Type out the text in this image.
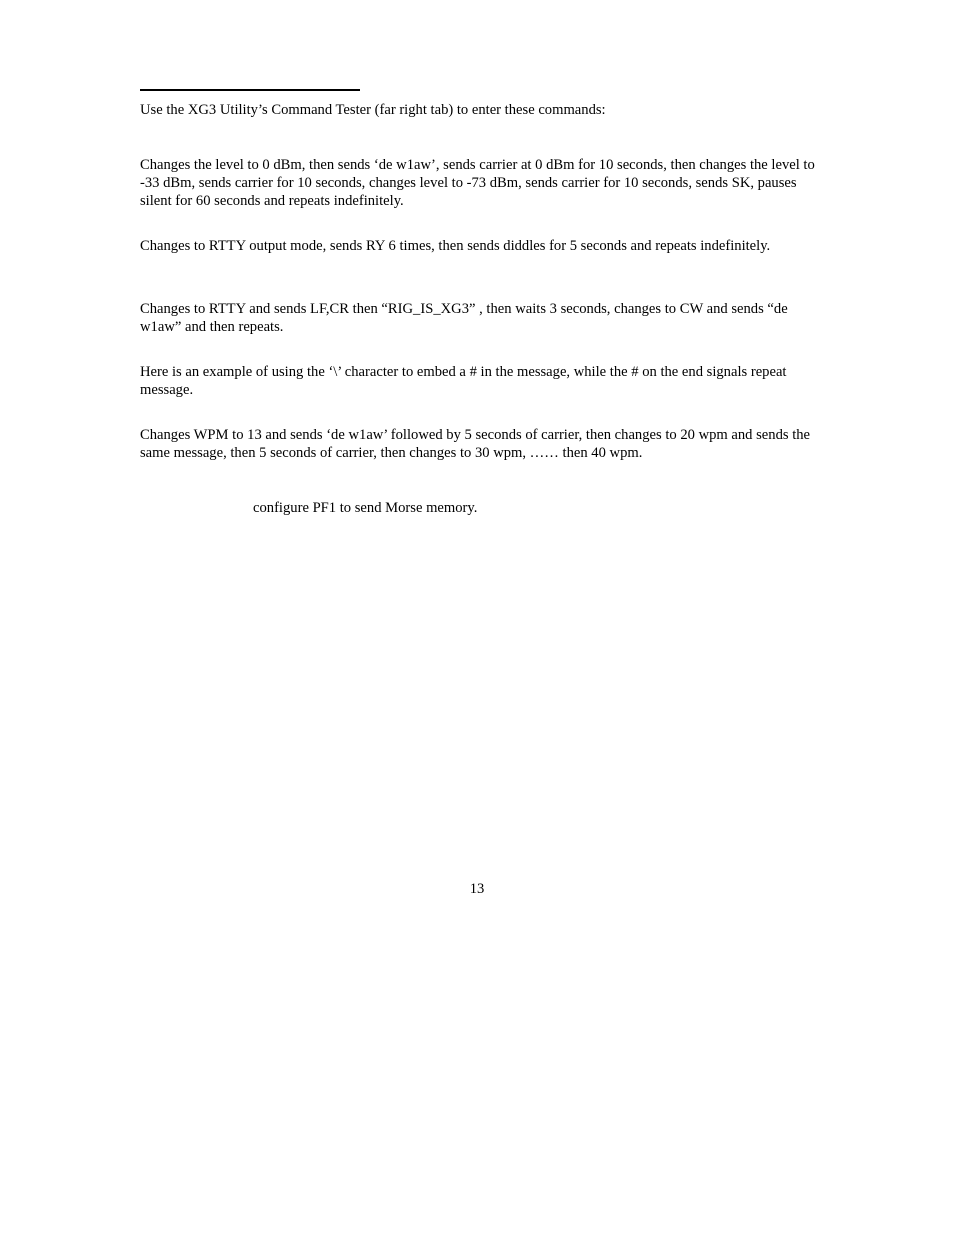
Use the XG3 Utility’s Command Tester (far right tab) to enter these commands:

Changes the level to 0 dBm, then sends ‘de w1aw’, sends carrier at 0 dBm for 10 seconds, then changes the level to -33 dBm, sends carrier for 10 seconds, changes level to -73 dBm, sends carrier for 10 seconds, sends SK, pauses silent for 60 seconds and repeats indefinitely.

Changes to RTTY output mode, sends RY 6 times, then sends diddles for 5 seconds and repeats indefinitely.

Changes to RTTY and sends LF,CR then “RIG_IS_XG3” , then waits 3 seconds, changes to CW and sends “de w1aw” and then repeats.

Here is an example of using the ‘\’ character to embed a # in the message, while the # on the end signals repeat message.

Changes WPM to 13 and sends ‘de w1aw’ followed by 5 seconds of carrier, then changes to 20 wpm and sends the same message, then 5 seconds of carrier, then changes to 30 wpm, …… then 40 wpm.

configure PF1 to send Morse memory.

13
